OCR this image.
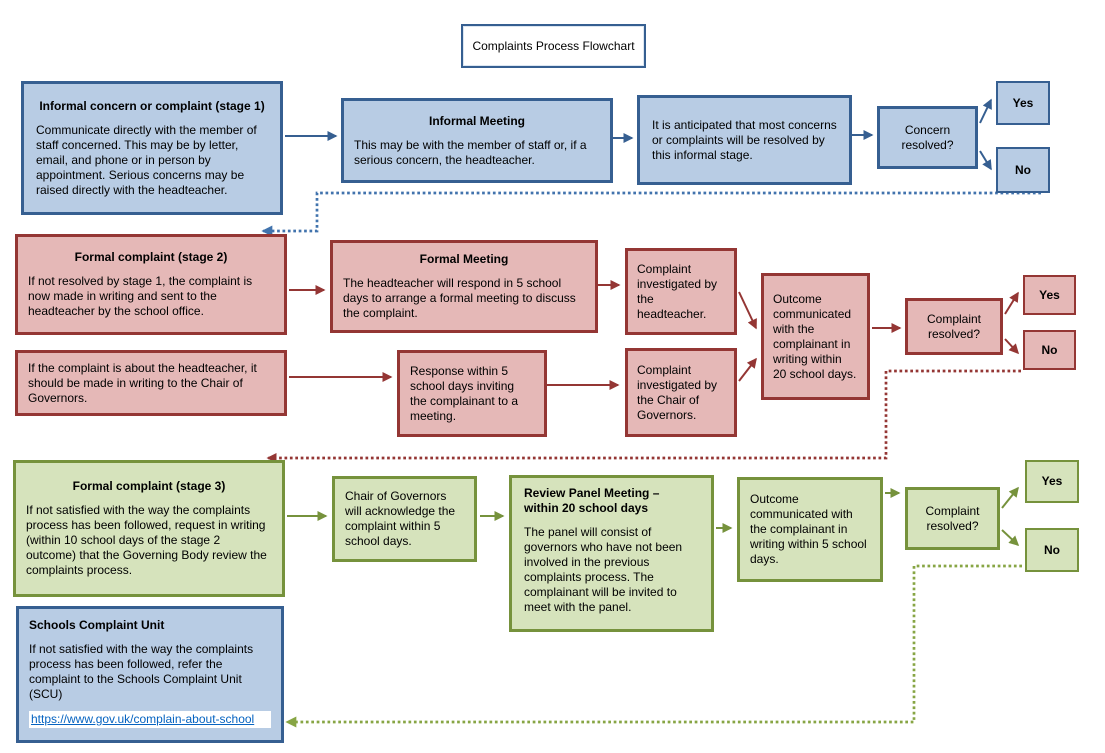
Complaints Process Flowchart
Informal concern or complaint (stage 1)
Communicate directly with the member of staff concerned. This may be by letter, email, and phone or in person by appointment. Serious concerns may be raised directly with the headteacher.
Informal Meeting
This may be with the member of staff or, if a serious concern, the headteacher.
It is anticipated that most concerns or complaints will be resolved by this informal stage.
Concern resolved?
Yes
No
Formal complaint (stage 2)
If not resolved by stage 1, the complaint is now made in writing and sent to the headteacher by the school office.
Formal Meeting
The headteacher will respond in 5 school days to arrange a formal meeting to discuss the complaint.
Complaint investigated by the headteacher.
If the complaint is about the headteacher, it should be made in writing to the Chair of Governors.
Response within 5 school days inviting the complainant to a meeting.
Complaint investigated by the Chair of Governors.
Outcome communicated with the complainant in writing within 20 school days.
Complaint resolved?
Yes
No
Formal complaint (stage 3)
If not satisfied with the way the complaints process has been followed, request in writing (within 10 school days of the stage 2 outcome) that the Governing Body review the complaints process.
Chair of Governors will acknowledge the complaint within 5 school days.
Review Panel Meeting – within 20 school days
The panel will consist of governors who have not been involved in the previous complaints process. The complainant will be invited to meet with the panel.
Outcome communicated with the complainant in writing within 5 school days.
Complaint resolved?
Yes
No
Schools Complaint Unit
If not satisfied with the way the complaints process has been followed, refer the complaint to the Schools Complaint Unit (SCU)
https://www.gov.uk/complain-about-school
